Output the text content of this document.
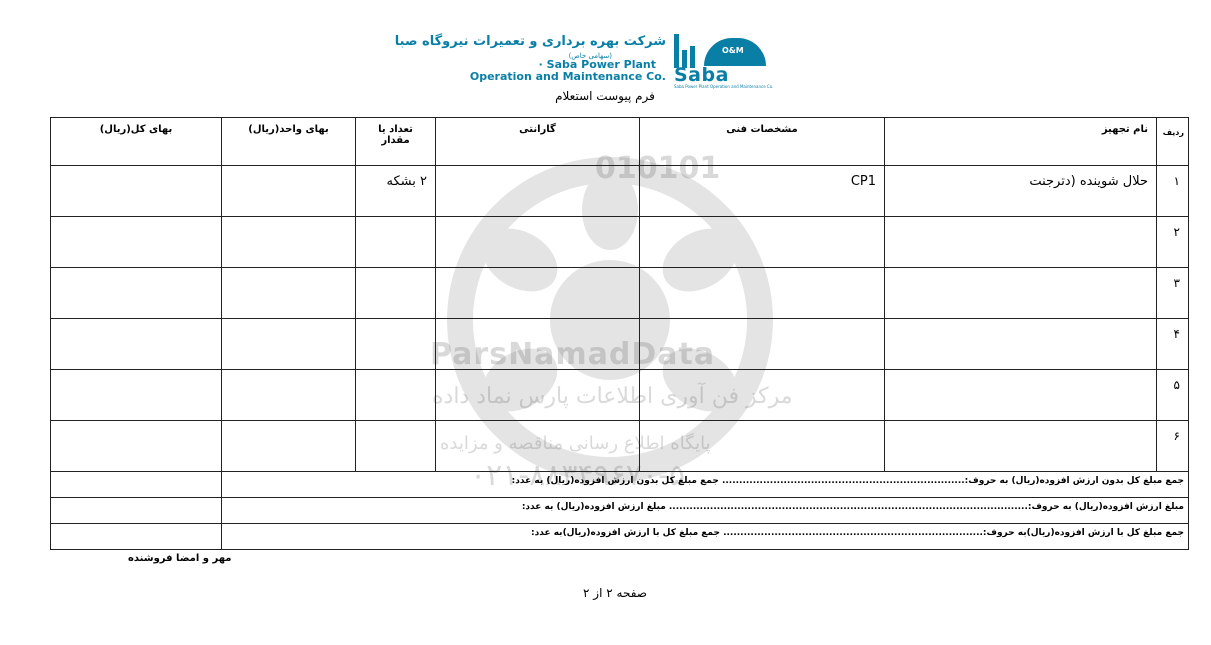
010101
ParsNamadData
مرکز فن آوری اطلاعات پارس نماد داده
پایگاه اطلاع رسانی مناقصه و مزایده
۰۲۱-۸۸۳۴۹۶۷۰-۵
O&M
Saba
Saba Power Plant Operation and Maintenance Co.
شرکت بهره برداری و تعمیرات نیروگاه صبا
(سهامی خاص)
· Saba Power Plant
Operation and Maintenance Co.
فرم پیوست استعلام
ردیف	نام تجهیز	مشخصات فنی	گارانتی	تعداد یا مقدار	بهای واحد(ریال)	بهای کل(ریال)
۱	حلال شوینده (دترجنت	CP1		۲ بشکه		
۲						
۳						
۴						
۵						
۶						
جمع مبلغ کل بدون ارزش افزوده(ریال) به حروف:....................................................................... جمع مبلغ کل بدون ارزش افزوده(ریال) به عدد:						
مبلغ ارزش افزوده(ریال) به حروف:......................................................................................................... مبلغ ارزش افزوده(ریال) به عدد:						
جمع مبلغ کل با ارزش افزوده(ریال)به حروف:............................................................................ جمع مبلغ کل با ارزش افزوده(ریال)به عدد:						
مهر و امضا فروشنده
صفحه ۲ از ۲
